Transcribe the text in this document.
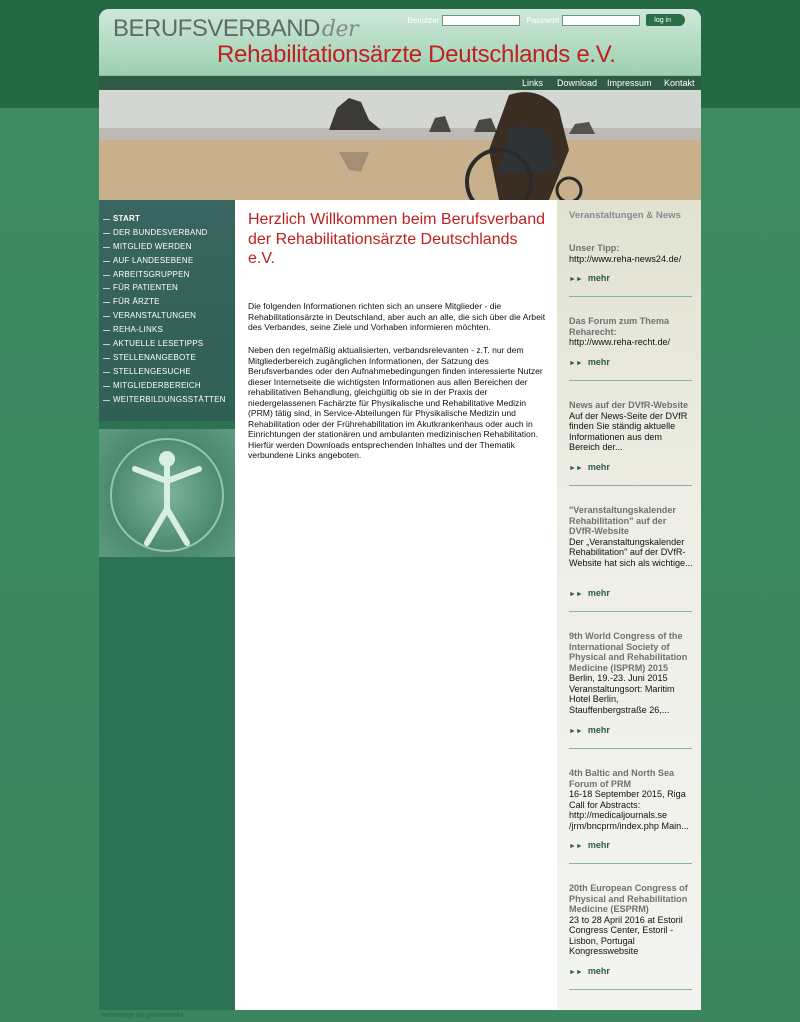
BERUFSVERBANDder
Rehabilitationsärzte Deutschlands e.V.
Benutzer	Passwort	log in
Links Download Impressum Kontakt
START
DER BUNDESVERBAND
MITGLIED WERDEN
AUF LANDESEBENE
ARBEITSGRUPPEN
FÜR PATIENTEN
FÜR ÄRZTE
VERANSTALTUNGEN
REHA-LINKS
AKTUELLE LESETIPPS
STELLENANGEBOTE
STELLENGESUCHE
MITGLIEDERBEREICH
WEITERBILDUNGSSTÄTTEN
Herzlich Willkommen beim Berufsverband der Rehabilitationsärzte Deutschlands e.V.

Die folgenden Informationen richten sich an unsere Mitglieder - die Rehabilitationsärzte in Deutschland, aber auch an alle, die sich über die Arbeit des Verbandes, seine Ziele und Vorhaben informieren möchten.

Neben den regelmäßig aktualisierten, verbandsrelevanten - z.T. nur dem Mitgliederbereich zugänglichen Informationen, der Satzung des Berufsverbandes oder den Aufnahmebedingungen finden interessierte Nutzer dieser Internetseite die wichtigsten Informationen aus allen Bereichen der rehabilitativen Behandlung, gleichgültig ob sie in der Praxis der niedergelassenen Fachärzte für Physikalische und Rehabilitative Medizin (PRM) tätig sind, in Service-Abteilungen für Physikalische Medizin und Rehabilitation oder der Frührehabilitation im Akutkrankenhaus oder auch in Einrichtungen der stationären und ambulanten medizinischen Rehabilitation. Hierfür werden Downloads entsprechenden Inhaltes und der Thematik verbundene Links angeboten.

Veranstaltungen & News
Unser Tipp:
http://www.reha-news24.de/
►► mehr
Das Forum zum Thema Reharecht:
http://www.reha-recht.de/
►► mehr
News auf der DVfR-Website
Auf der News-Seite der DVfR finden Sie ständig aktuelle Informationen aus dem Bereich der...
►► mehr
"Veranstaltungskalender Rehabilitation" auf der DVfR-Website
Der „Veranstaltungskalender Rehabilitation" auf der DVfR-Website hat sich als wichtige...
►► mehr
9th World Congress of the International Society of Physical and Rehabilitation Medicine (ISPRM) 2015
Berlin, 19.-23. Juni 2015 Veranstaltungsort: Maritim Hotel Berlin, Stauffenbergstraße 26,...
►► mehr
4th Baltic and North Sea Forum of PRM
16-18 September 2015, Riga Call for Abstracts: http://medicaljournals.se /jrm/bncprm/index.php Main...
►► mehr
20th European Congress of Physical and Rehabilitation Medicine (ESPRM)
23 to 28 April 2016 at Estoril Congress Center, Estoril - Lisbon, Portugal Kongresswebsite
►► mehr
webdesign by globalmedia
